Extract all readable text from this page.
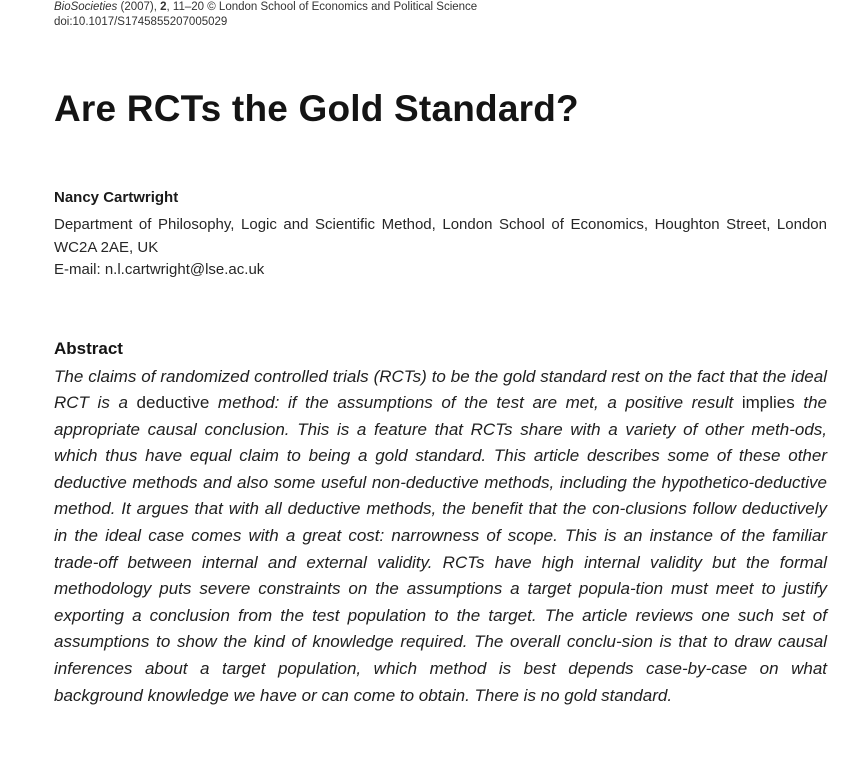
BioSocieties (2007), 2, 11–20 © London School of Economics and Political Science
doi:10.1017/S1745855207005029
Are RCTs the Gold Standard?
Nancy Cartwright
Department of Philosophy, Logic and Scientific Method, London School of Economics, Houghton Street, London WC2A 2AE, UK
E-mail: n.l.cartwright@lse.ac.uk
Abstract

The claims of randomized controlled trials (RCTs) to be the gold standard rest on the fact that the ideal RCT is a deductive method: if the assumptions of the test are met, a positive result implies the appropriate causal conclusion. This is a feature that RCTs share with a variety of other meth-ods, which thus have equal claim to being a gold standard. This article describes some of these other deductive methods and also some useful non-deductive methods, including the hypothetico-deductive method. It argues that with all deductive methods, the benefit that the con-clusions follow deductively in the ideal case comes with a great cost: narrowness of scope. This is an instance of the familiar trade-off between internal and external validity. RCTs have high internal validity but the formal methodology puts severe constraints on the assumptions a target popula-tion must meet to justify exporting a conclusion from the test population to the target. The article reviews one such set of assumptions to show the kind of knowledge required. The overall conclu-sion is that to draw causal inferences about a target population, which method is best depends case-by-case on what background knowledge we have or can come to obtain. There is no gold standard.
